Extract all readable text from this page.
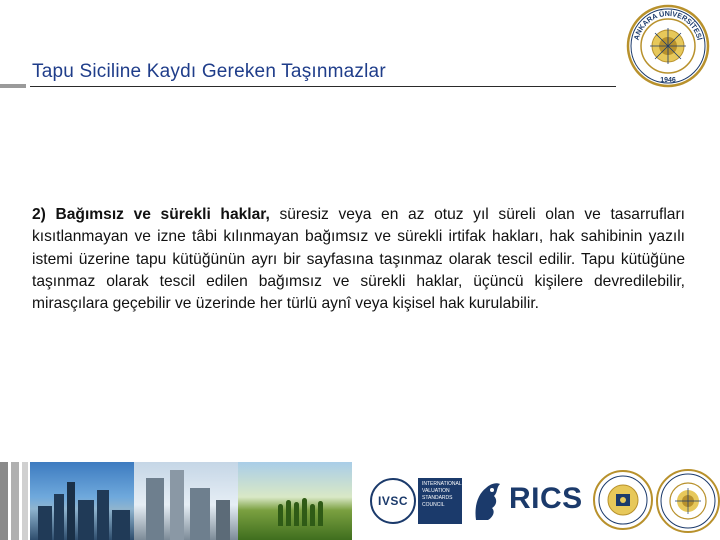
Tapu Siciline Kaydı Gereken Taşınmazlar
ANKARA ÜNİVERSİTESİ
1946
2) Bağımsız ve sürekli haklar, süresiz veya en az otuz yıl süreli olan ve tasarrufları kısıtlanmayan ve izne tâbi kılınmayan bağımsız ve sürekli irtifak hakları, hak sahibinin yazılı istemi üzerine tapu kütüğünün ayrı bir sayfasına taşınmaz olarak tescil edilir. Tapu kütüğüne taşınmaz olarak tescil edilen bağımsız ve sürekli haklar, üçüncü kişilere devredilebilir, mirasçılara geçebilir ve üzerinde her türlü aynî veya kişisel hak kurulabilir.
IVSC
INTERNATIONAL
VALUATION
STANDARDS
COUNCIL	RICS
